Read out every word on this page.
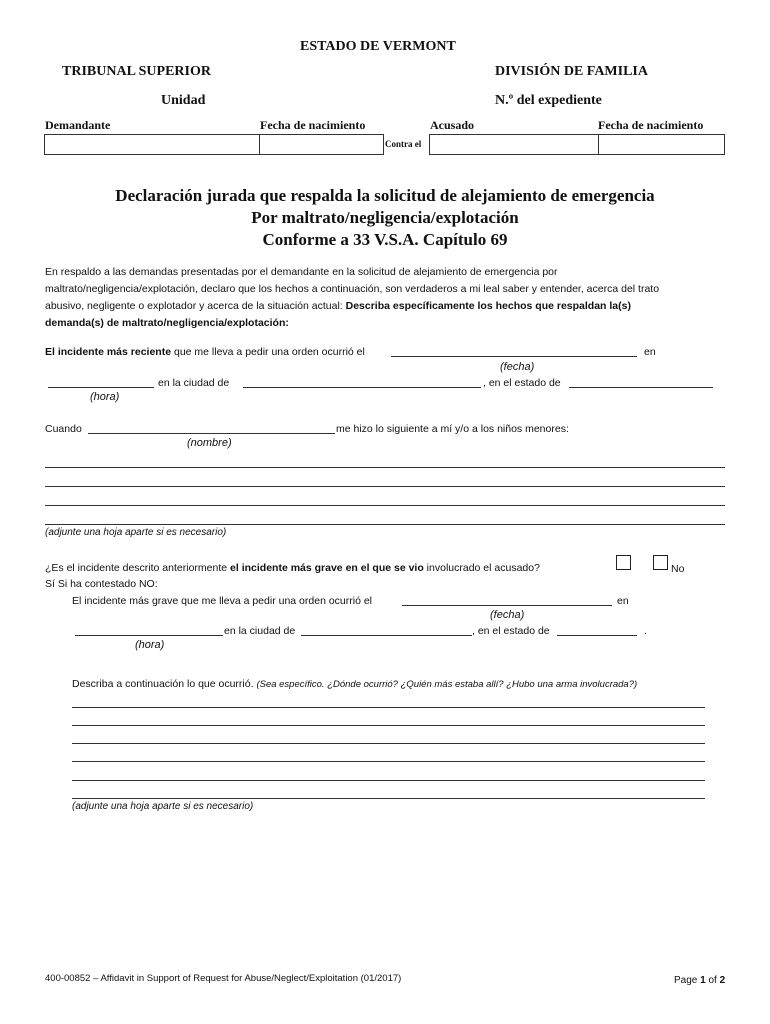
ESTADO DE VERMONT
TRIBUNAL SUPERIOR	DIVISIÓN DE FAMILIA
Unidad	N.º del expediente
Demandante	Fecha de nacimiento	Acusado	Fecha de nacimiento
Contra el
Declaración jurada que respalda la solicitud de alejamiento de emergencia
Por maltrato/negligencia/explotación
Conforme a 33 V.S.A. Capítulo 69
En respaldo a las demandas presentadas por el demandante en la solicitud de alejamiento de emergencia por
maltrato/negligencia/explotación, declaro que los hechos a continuación, son verdaderos a mi leal saber y entender, acerca del trato
abusivo, negligente o explotador y acerca de la situación actual: Describa específicamente los hechos que respaldan la(s)
demanda(s) de maltrato/negligencia/explotación:
El incidente más reciente que me lleva a pedir una orden ocurrió el	en
(fecha)
en la ciudad de	, en el estado de
(hora)
Cuando	me hizo lo siguiente a mí y/o a los niños menores:
(nombre)
(adjunte una hoja aparte si es necesario)
¿Es el incidente descrito anteriormente el incidente más grave en el que se vio involucrado el acusado?	No
Sí Si ha contestado NO:
El incidente más grave que me lleva a pedir una orden ocurrió el	en
(fecha)
en la ciudad de	, en el estado de	.
(hora)
Describa a continuación lo que ocurrió. (Sea específico. ¿Dónde ocurrió? ¿Quién más estaba allí? ¿Hubo una arma involucrada?)
(adjunte una hoja aparte si es necesario)
400-00852 – Affidavit in Support of Request for Abuse/Neglect/Exploitation (01/2017)	Page 1 of 2
